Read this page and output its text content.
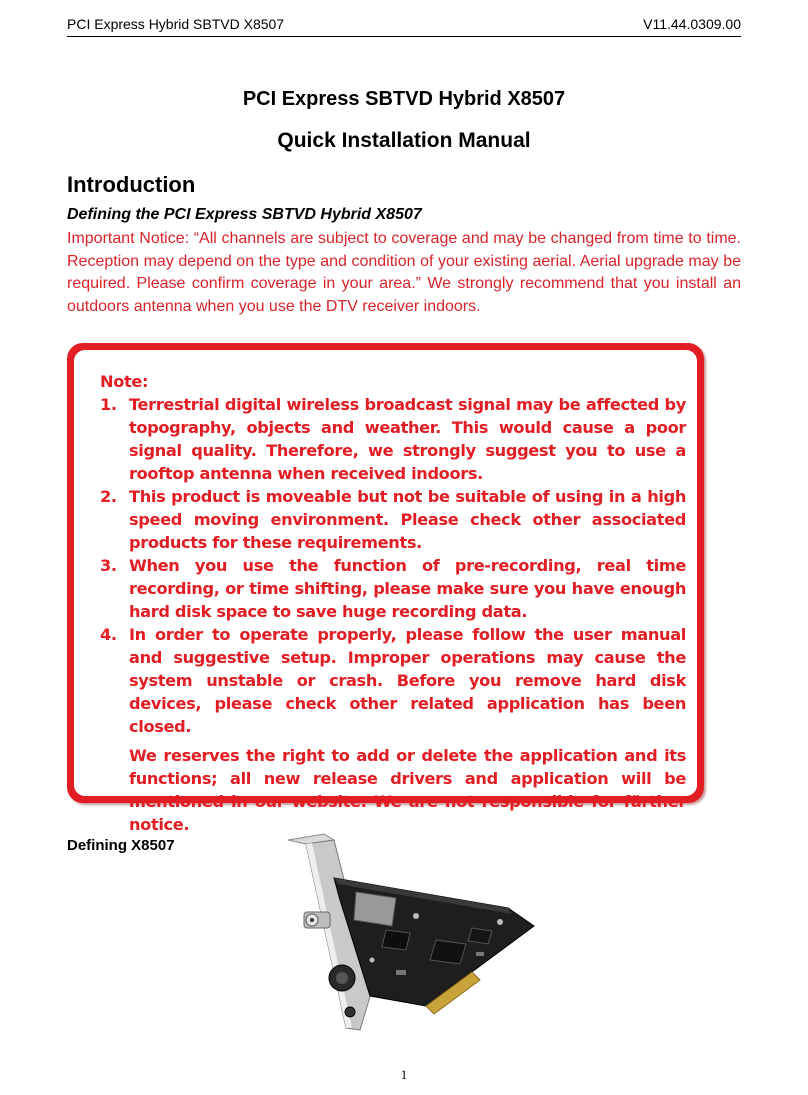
PCI Express Hybrid SBTVD X8507	V11.44.0309.00
PCI Express SBTVD Hybrid X8507
Quick Installation Manual
Introduction
Defining the PCI Express SBTVD Hybrid X8507
Important Notice: “All channels are subject to coverage and may be changed from time to time. Reception may depend on the type and condition of your existing aerial. Aerial upgrade may be required. Please confirm coverage in your area.” We strongly recommend that you install an outdoors antenna when you use the DTV receiver indoors.
Note:
1. Terrestrial digital wireless broadcast signal may be affected by topography, objects and weather. This would cause a poor signal quality. Therefore, we strongly suggest you to use a rooftop antenna when received indoors.
2. This product is moveable but not be suitable of using in a high speed moving environment. Please check other associated products for these requirements.
3. When you use the function of pre-recording, real time recording, or time shifting, please make sure you have enough hard disk space to save huge recording data.
4. In order to operate properly, please follow the user manual and suggestive setup. Improper operations may cause the system unstable or crash. Before you remove hard disk devices, please check other related application has been closed.
We reserves the right to add or delete the application and its functions; all new release drivers and application will be mentioned in our website. We are not responsible for fürther notice.
Defining X8507
1
